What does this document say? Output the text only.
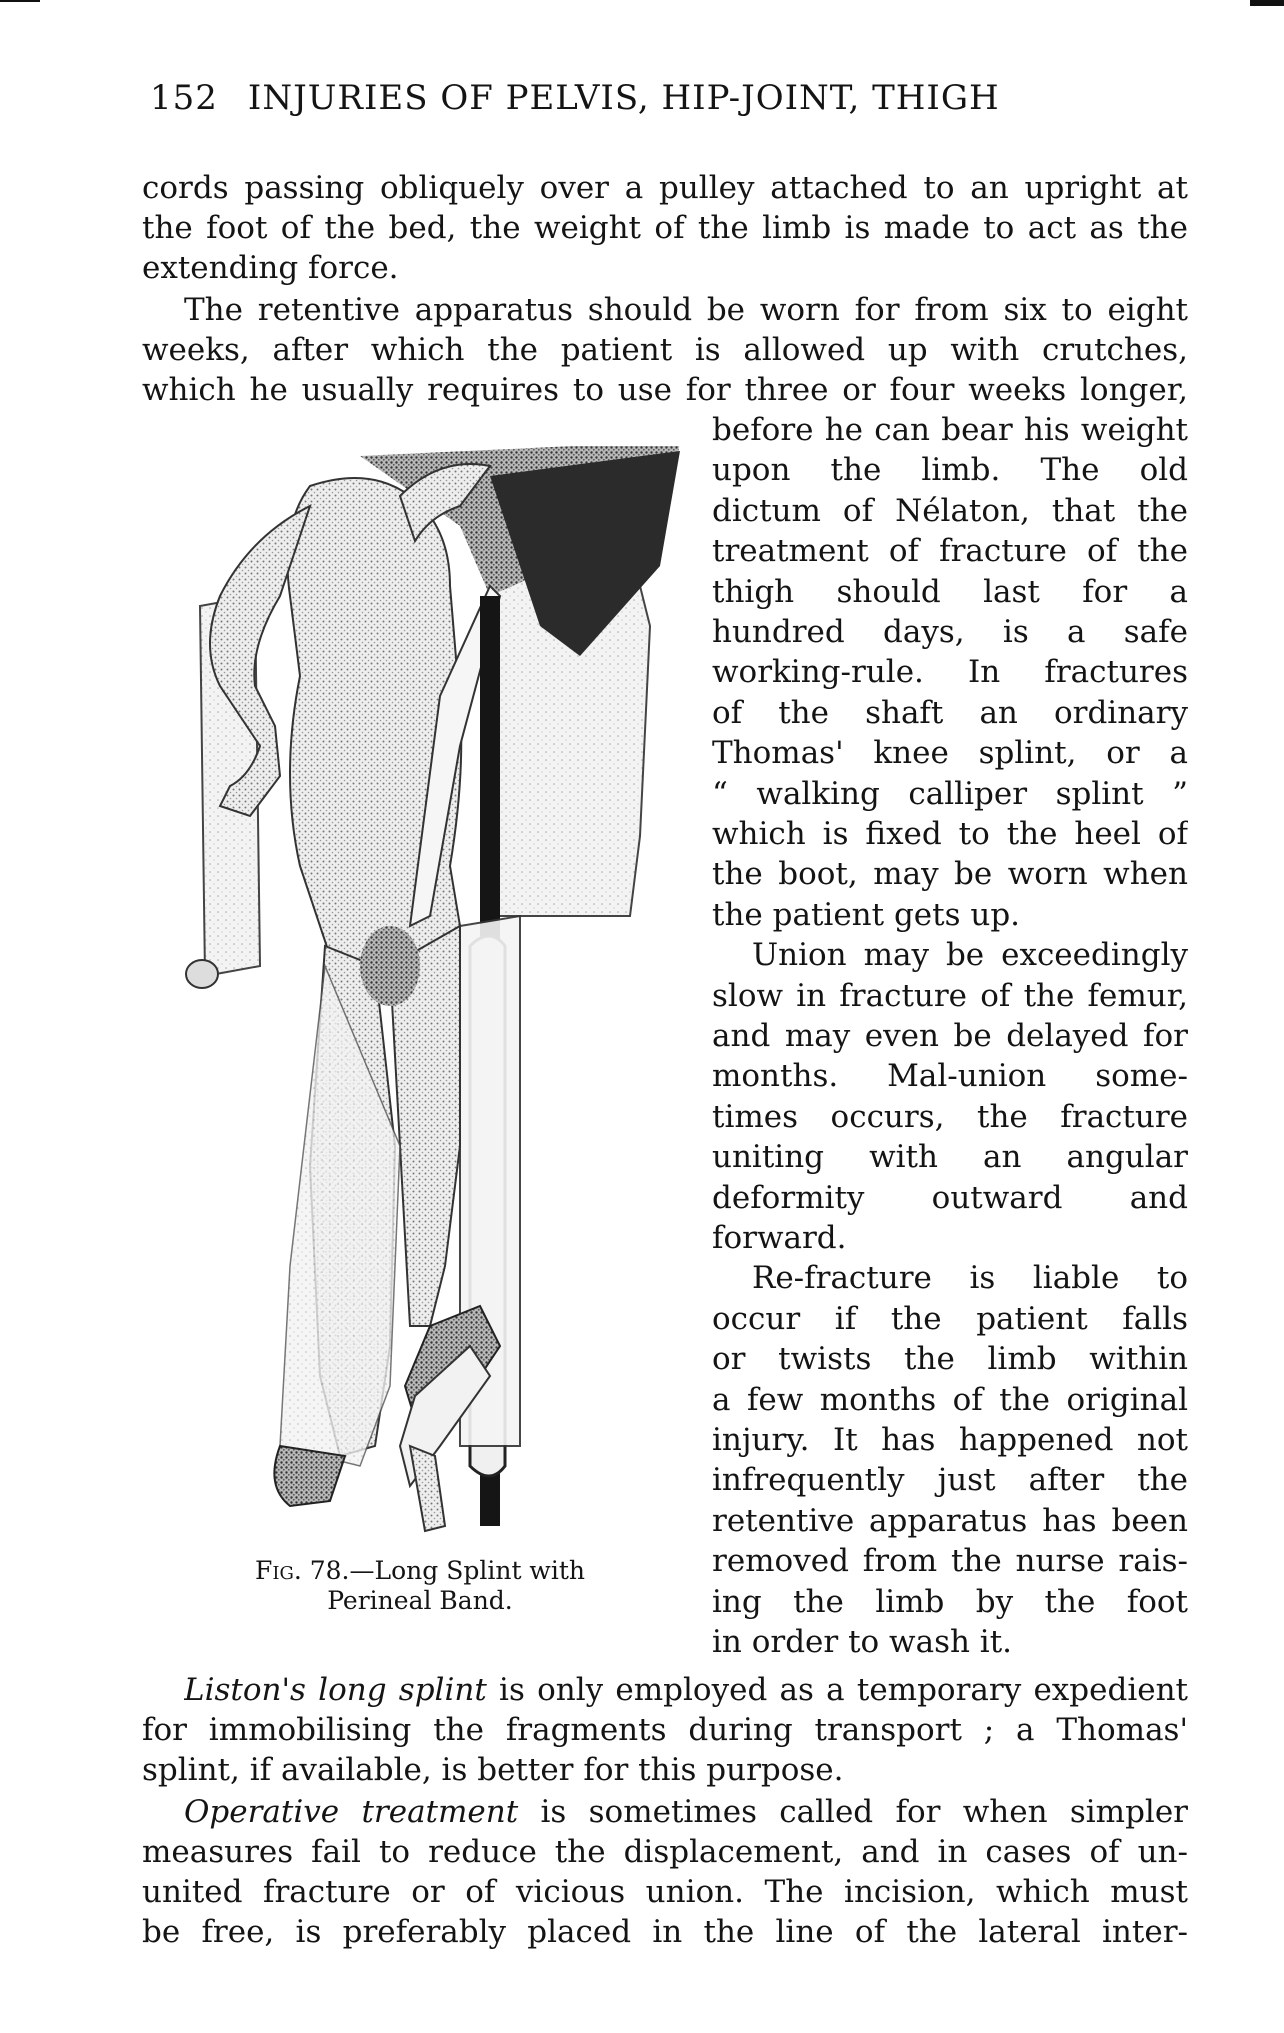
152 INJURIES OF PELVIS, HIP-JOINT, THIGH
cords passing obliquely over a pulley attached to an upright at
the foot of the bed, the weight of the limb is made to act as the
extending force.
The retentive apparatus should be worn for from six to eight
weeks, after which the patient is allowed up with crutches,
which he usually requires to use for three or four weeks longer,
before he can bear his weight
upon the limb. The old
dictum of Nélaton, that the
treatment of fracture of the
thigh should last for a
hundred days, is a safe
working-rule. In fractures
of the shaft an ordinary
Thomas' knee splint, or a
“ walking calliper splint ”
which is fixed to the heel of
the boot, may be worn when
the patient gets up.
Union may be exceedingly
slow in fracture of the femur,
and may even be delayed for
months. Mal-union some-
times occurs, the fracture
uniting with an angular
deformity outward and
forward.
Re-fracture is liable to
occur if the patient falls
or twists the limb within
a few months of the original
injury. It has happened not
infrequently just after the
retentive apparatus has been
removed from the nurse rais-
ing the limb by the foot
in order to wash it.
Fig. 78.—Long Splint with
Perineal Band.
Liston's long splint is only employed as a temporary expedient
for immobilising the fragments during transport ; a Thomas'
splint, if available, is better for this purpose.
Operative treatment is sometimes called for when simpler
measures fail to reduce the displacement, and in cases of un-
united fracture or of vicious union. The incision, which must
be free, is preferably placed in the line of the lateral inter-
